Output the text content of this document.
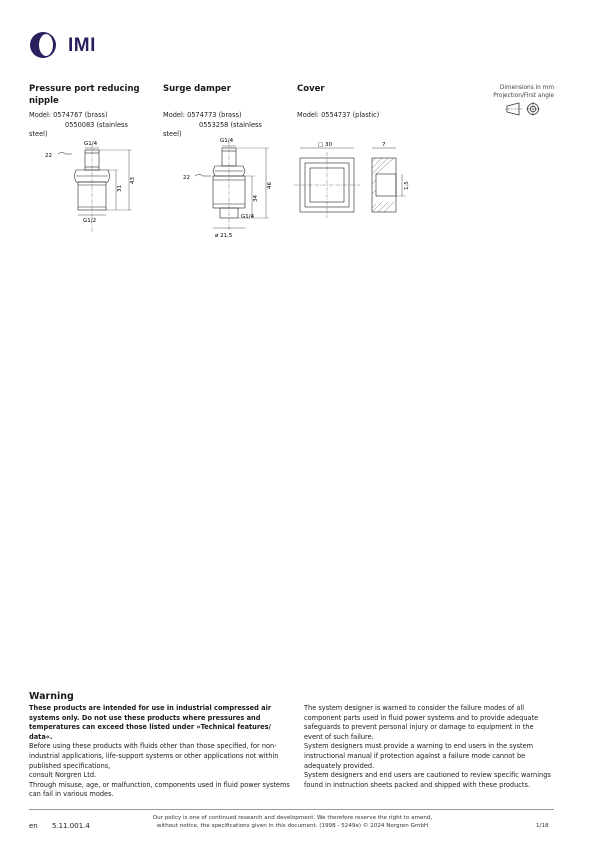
IMI
Pressure port reducing nipple
Model: 0574767 (brass)
0550083 (stainless
steel)
Surge damper
Model: 0574773 (brass)
0553258 (stainless
steel)
Cover
Model: 0554737 (plastic)
Dimensions in mm
Projection/First angle
G1/4
22
31
43
G1/2
G1/4
22
34
46
G1/4
ø 21,5
□ 30	7
1,5
Warning
These products are intended for use in industrial compressed air systems only. Do not use these products where pressures and temperatures can exceed those listed under »Technical features/ data«.
Before using these products with fluids other than those specified, for non-industrial applications, life-support systems or other applications not within published specifications,
consult Norgren Ltd.
Through misuse, age, or malfunction, components used in fluid power systems can fail in various modes.
The system designer is warned to consider the failure modes of all component parts used in fluid power systems and to provide adequate safeguards to prevent personal injury or damage to equipment in the event of such failure.
System designers must provide a warning to end users in the system instructional manual if protection against a failure mode cannot be adequately provided.
System designers and end users are cautioned to review specific warnings found in instruction sheets packed and shipped with these products.
en 5.11.001.4
Our policy is one of continued research and development. We therefore reserve the right to amend,
without notice, the specifications given in this document. (1998 - 5249e) © 2024 Norgren GmbH	1/18
